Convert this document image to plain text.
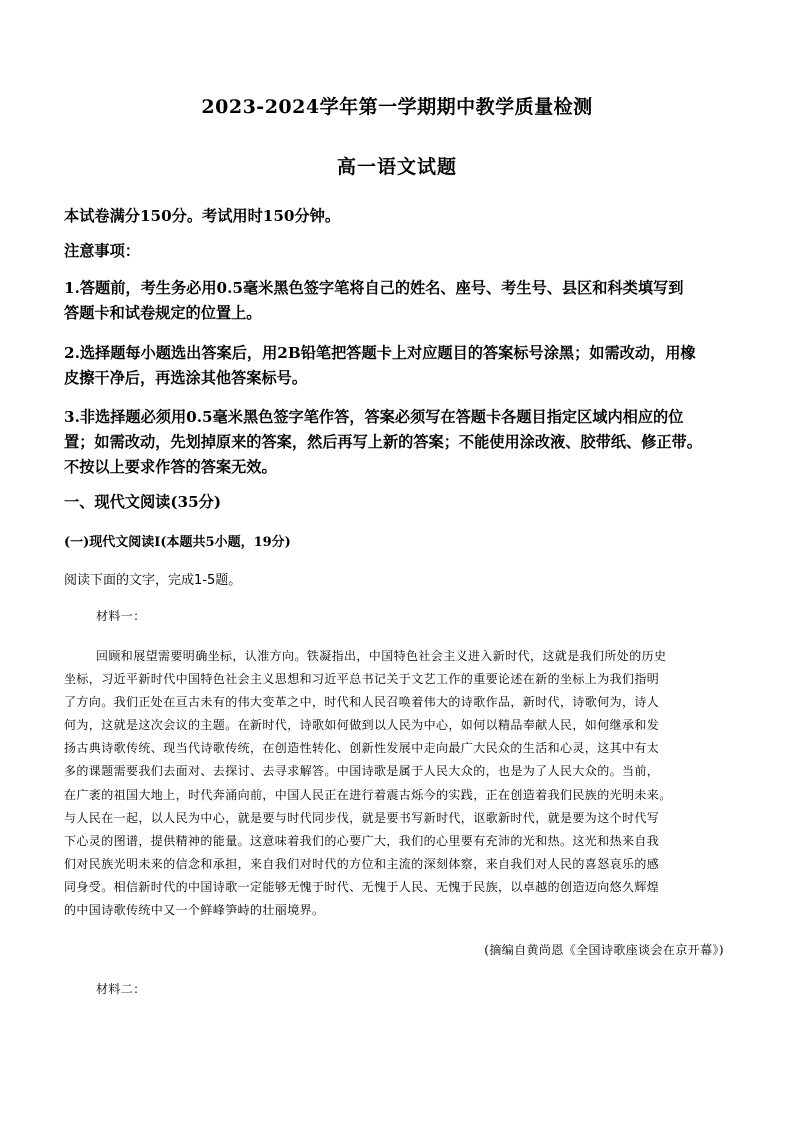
2023-2024学年第一学期期中教学质量检测
高一语文试题
本试卷满分150分。考试用时150分钟。
注意事项：
1.答题前，考生务必用0.5毫米黑色签字笔将自己的姓名、座号、考生号、县区和科类填写到
答题卡和试卷规定的位置上。
2.选择题每小题选出答案后，用2B铅笔把答题卡上对应题目的答案标号涂黑；如需改动，用橡
皮擦干净后，再选涂其他答案标号。
3.非选择题必须用0.5毫米黑色签字笔作答，答案必须写在答题卡各题目指定区域内相应的位
置；如需改动，先划掉原来的答案，然后再写上新的答案；不能使用涂改液、胶带纸、修正带。
不按以上要求作答的答案无效。
一、现代文阅读(35分)
(一)现代文阅读Ⅰ(本题共5小题，19分)
阅读下面的文字，完成1-5题。
材料一：
回顾和展望需要明确坐标，认准方向。铁凝指出，中国特色社会主义进入新时代，这就是我们所处的历史
坐标，习近平新时代中国特色社会主义思想和习近平总书记关于文艺工作的重要论述在新的坐标上为我们指明
了方向。我们正处在亘古未有的伟大变革之中，时代和人民召唤着伟大的诗歌作品，新时代，诗歌何为，诗人
何为，这就是这次会议的主题。在新时代，诗歌如何做到以人民为中心，如何以精品奉献人民，如何继承和发
扬古典诗歌传统、现当代诗歌传统，在创造性转化、创新性发展中走向最广大民众的生活和心灵，这其中有太
多的课题需要我们去面对、去探讨、去寻求解答。中国诗歌是属于人民大众的，也是为了人民大众的。当前，
在广袤的祖国大地上，时代奔涌向前，中国人民正在进行着震古烁今的实践，正在创造着我们民族的光明未来。
与人民在一起，以人民为中心，就是要与时代同步伐，就是要书写新时代，讴歌新时代，就是要为这个时代写
下心灵的图谱，提供精神的能量。这意味着我们的心要广大，我们的心里要有充沛的光和热。这光和热来自我
们对民族光明未来的信念和承担，来自我们对时代的方位和主流的深刻体察，来自我们对人民的喜怒哀乐的感
同身受。相信新时代的中国诗歌一定能够无愧于时代、无愧于人民、无愧于民族，以卓越的创造迈向悠久辉煌
的中国诗歌传统中又一个鲜峰笋峙的壮丽境界。
(摘编自黄尚恩《全国诗歌座谈会在京开幕》)
材料二：
